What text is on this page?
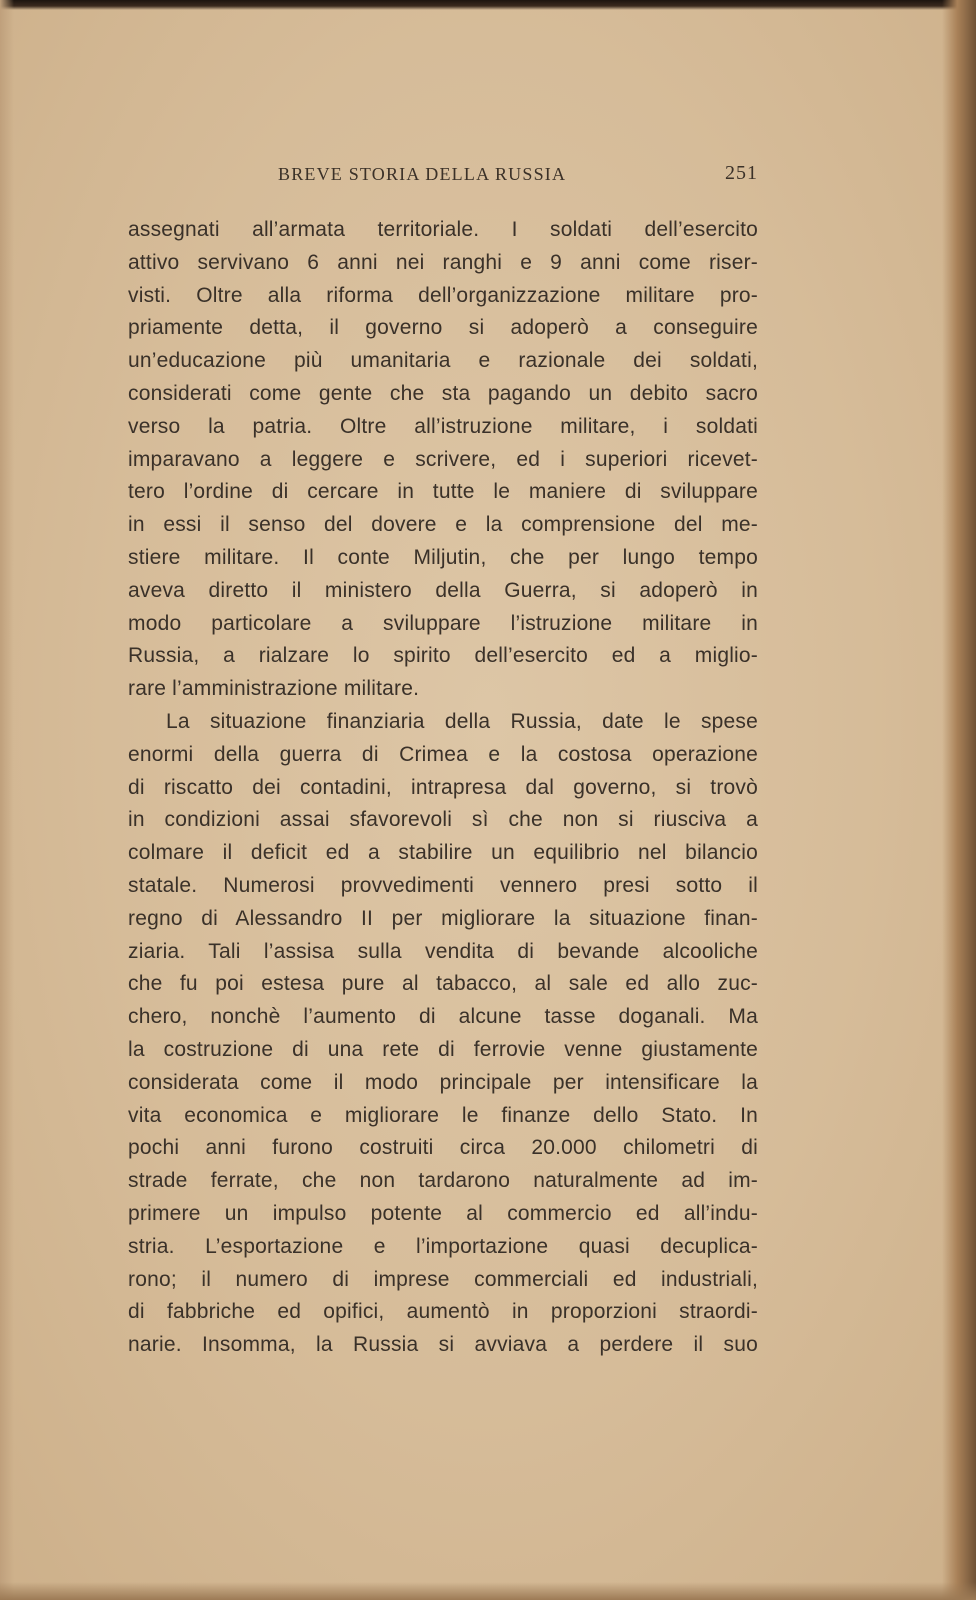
BREVE STORIA DELLA RUSSIA	251
assegnati all’armata territoriale. I soldati dell’esercito
attivo servivano 6 anni nei ranghi e 9 anni come riser-
visti. Oltre alla riforma dell’organizzazione militare pro-
priamente detta, il governo si adoperò a conseguire
un’educazione più umanitaria e razionale dei soldati,
considerati come gente che sta pagando un debito sacro
verso la patria. Oltre all’istruzione militare, i soldati
imparavano a leggere e scrivere, ed i superiori ricevet-
tero l’ordine di cercare in tutte le maniere di sviluppare
in essi il senso del dovere e la comprensione del me-
stiere militare. Il conte Miljutin, che per lungo tempo
aveva diretto il ministero della Guerra, si adoperò in
modo particolare a sviluppare l’istruzione militare in
Russia, a rialzare lo spirito dell’esercito ed a miglio-
rare l’amministrazione militare.
La situazione finanziaria della Russia, date le spese
enormi della guerra di Crimea e la costosa operazione
di riscatto dei contadini, intrapresa dal governo, si trovò
in condizioni assai sfavorevoli sì che non si riusciva a
colmare il deficit ed a stabilire un equilibrio nel bilancio
statale. Numerosi provvedimenti vennero presi sotto il
regno di Alessandro II per migliorare la situazione finan-
ziaria. Tali l’assisa sulla vendita di bevande alcooliche
che fu poi estesa pure al tabacco, al sale ed allo zuc-
chero, nonchè l’aumento di alcune tasse doganali. Ma
la costruzione di una rete di ferrovie venne giustamente
considerata come il modo principale per intensificare la
vita economica e migliorare le finanze dello Stato. In
pochi anni furono costruiti circa 20.000 chilometri di
strade ferrate, che non tardarono naturalmente ad im-
primere un impulso potente al commercio ed all’indu-
stria. L’esportazione e l’importazione quasi decuplica-
rono; il numero di imprese commerciali ed industriali,
di fabbriche ed opifici, aumentò in proporzioni straordi-
narie. Insomma, la Russia si avviava a perdere il suo
